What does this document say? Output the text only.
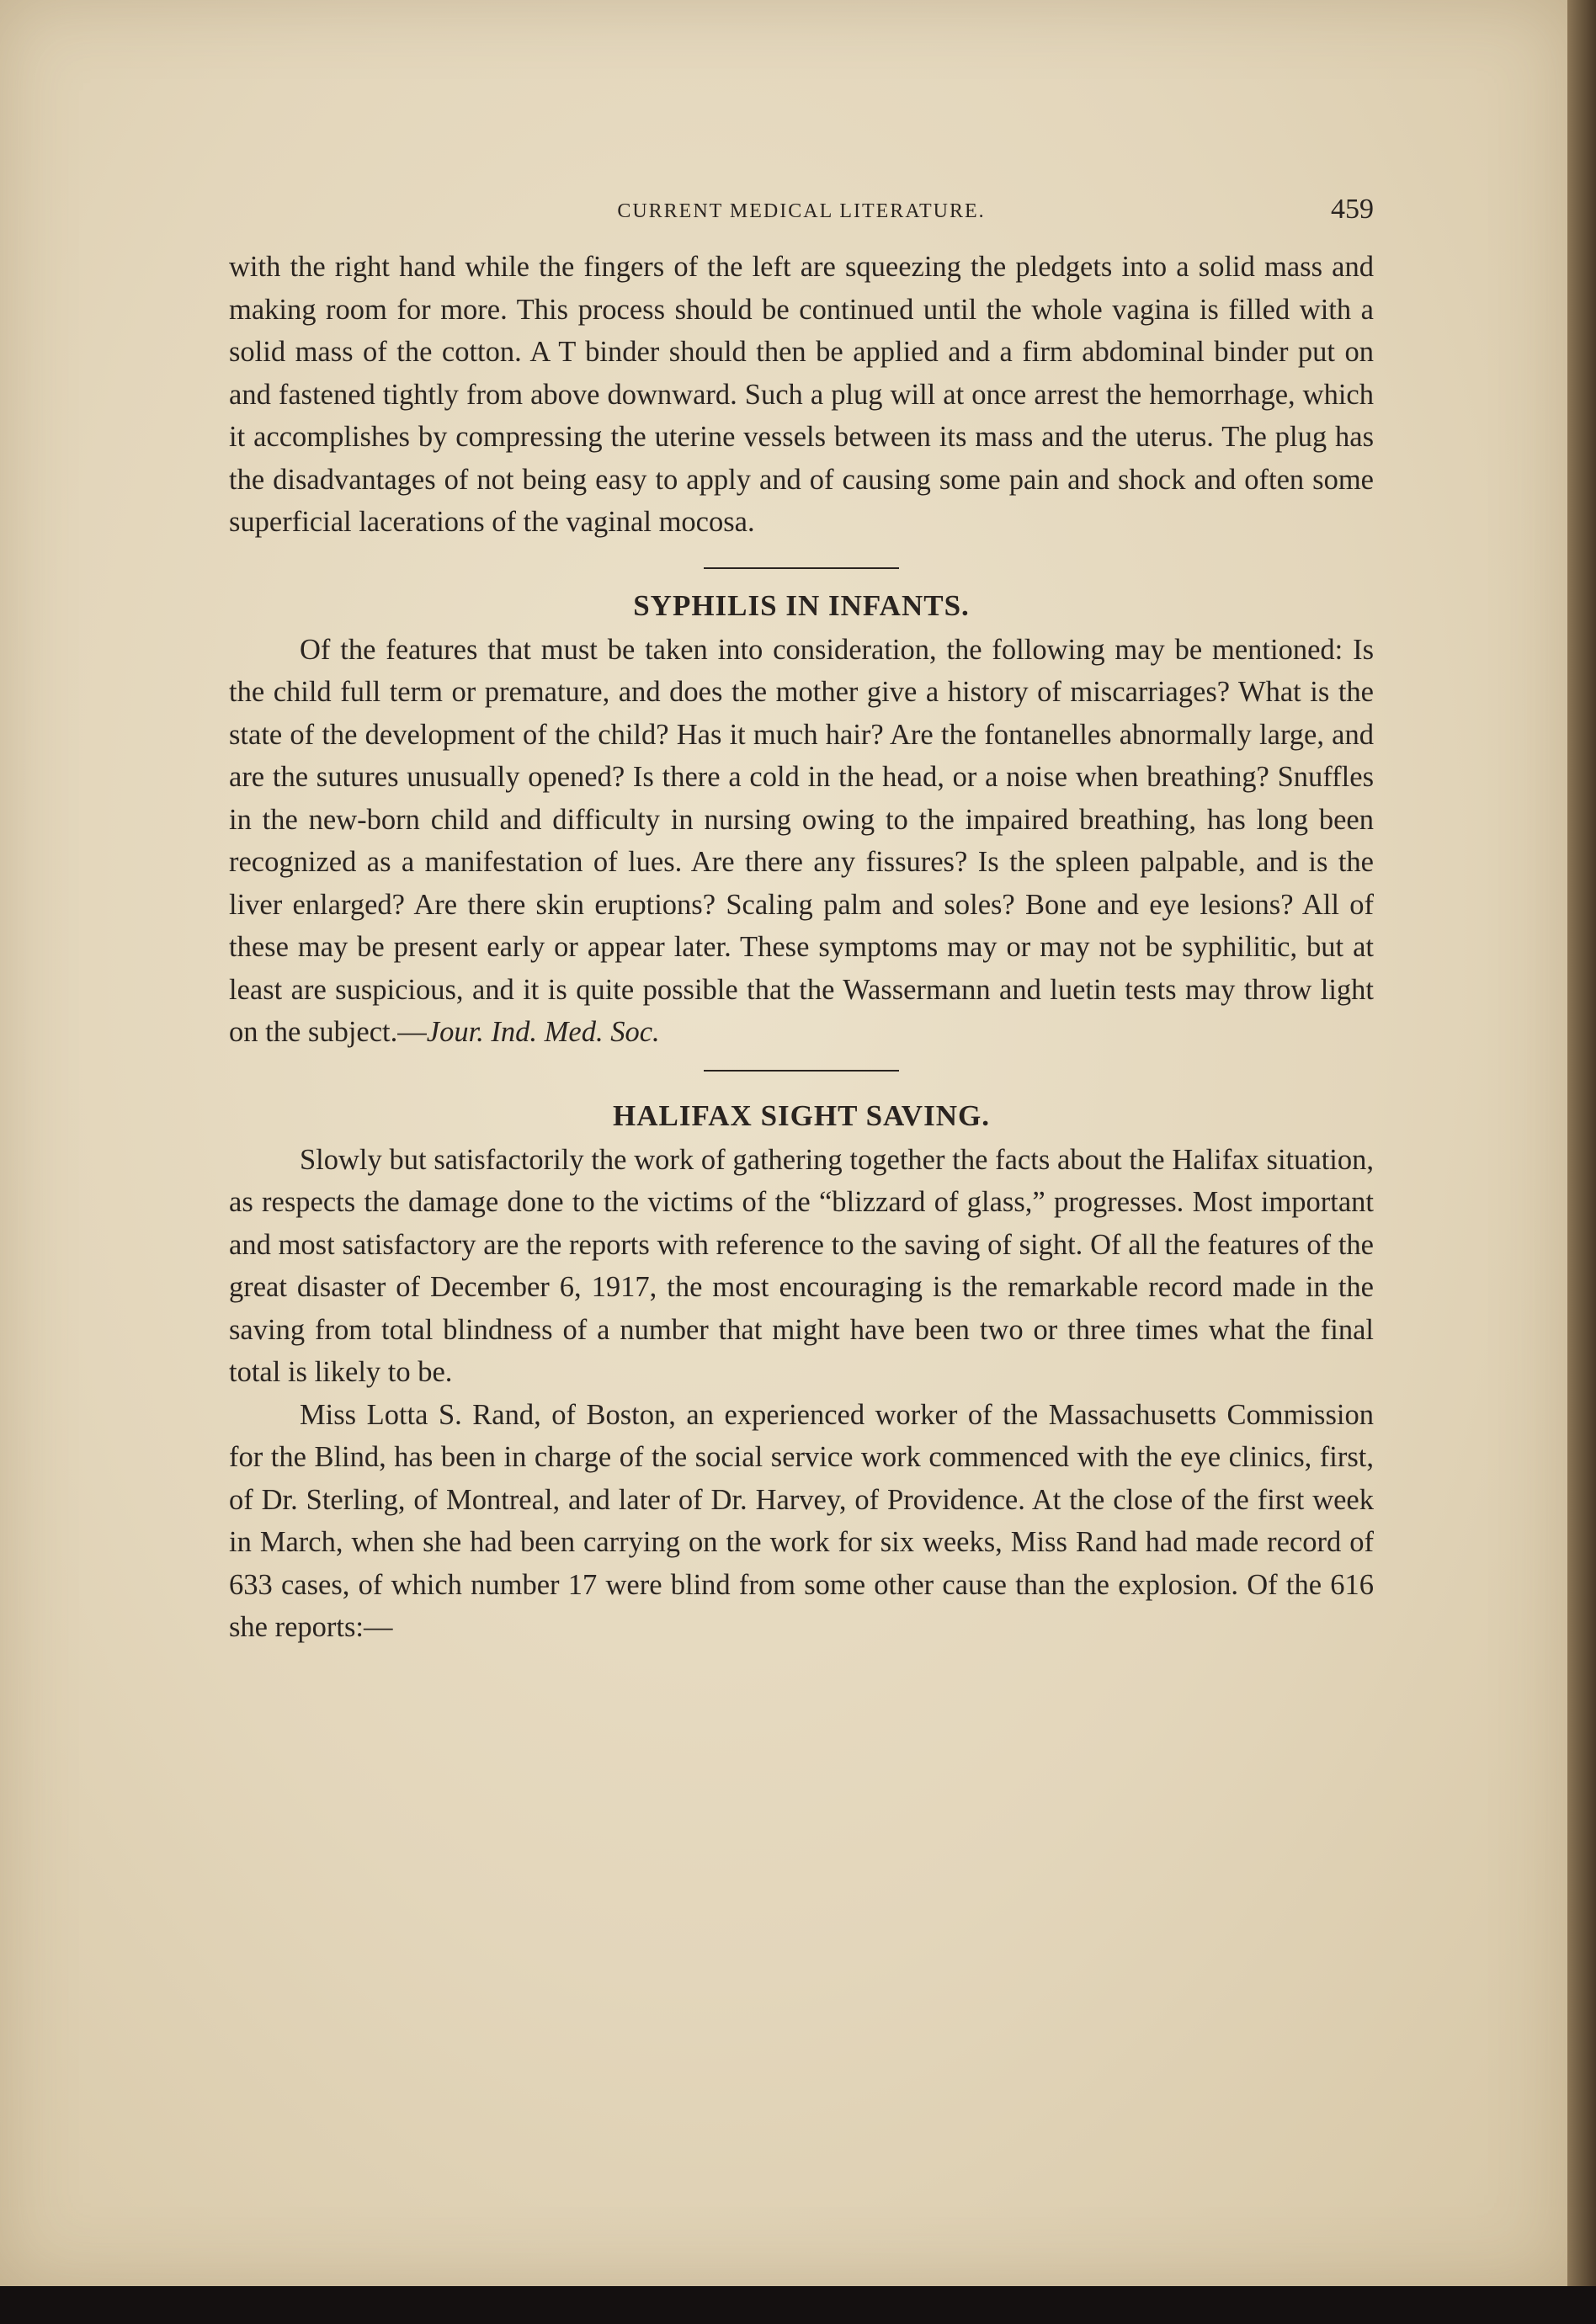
CURRENT MEDICAL LITERATURE.	459

with the right hand while the fingers of the left are squeezing the pledgets into a solid mass and making room for more. This process should be continued until the whole vagina is filled with a solid mass of the cotton. A T binder should then be applied and a firm abdominal binder put on and fastened tightly from above downward. Such a plug will at once arrest the hemorrhage, which it accomplishes by compressing the uterine vessels between its mass and the uterus. The plug has the disadvantages of not being easy to apply and of causing some pain and shock and often some superficial lacerations of the vaginal mocosa.

SYPHILIS IN INFANTS.

Of the features that must be taken into consideration, the following may be mentioned: Is the child full term or premature, and does the mother give a history of miscarriages? What is the state of the development of the child? Has it much hair? Are the fontanelles abnormally large, and are the sutures unusually opened? Is there a cold in the head, or a noise when breathing? Snuffles in the new-born child and difficulty in nursing owing to the impaired breathing, has long been recognized as a manifestation of lues. Are there any fissures? Is the spleen palpable, and is the liver enlarged? Are there skin eruptions? Scaling palm and soles? Bone and eye lesions? All of these may be present early or appear later. These symptoms may or may not be syphilitic, but at least are suspicious, and it is quite possible that the Wassermann and luetin tests may throw light on the subject.—Jour. Ind. Med. Soc.

HALIFAX SIGHT SAVING.

Slowly but satisfactorily the work of gathering together the facts about the Halifax situation, as respects the damage done to the victims of the “blizzard of glass,” progresses. Most important and most satisfactory are the reports with reference to the saving of sight. Of all the features of the great disaster of December 6, 1917, the most encouraging is the remarkable record made in the saving from total blindness of a number that might have been two or three times what the final total is likely to be.

Miss Lotta S. Rand, of Boston, an experienced worker of the Massachusetts Commission for the Blind, has been in charge of the social service work commenced with the eye clinics, first, of Dr. Sterling, of Montreal, and later of Dr. Harvey, of Providence. At the close of the first week in March, when she had been carrying on the work for six weeks, Miss Rand had made record of 633 cases, of which number 17 were blind from some other cause than the explosion. Of the 616 she reports:—
